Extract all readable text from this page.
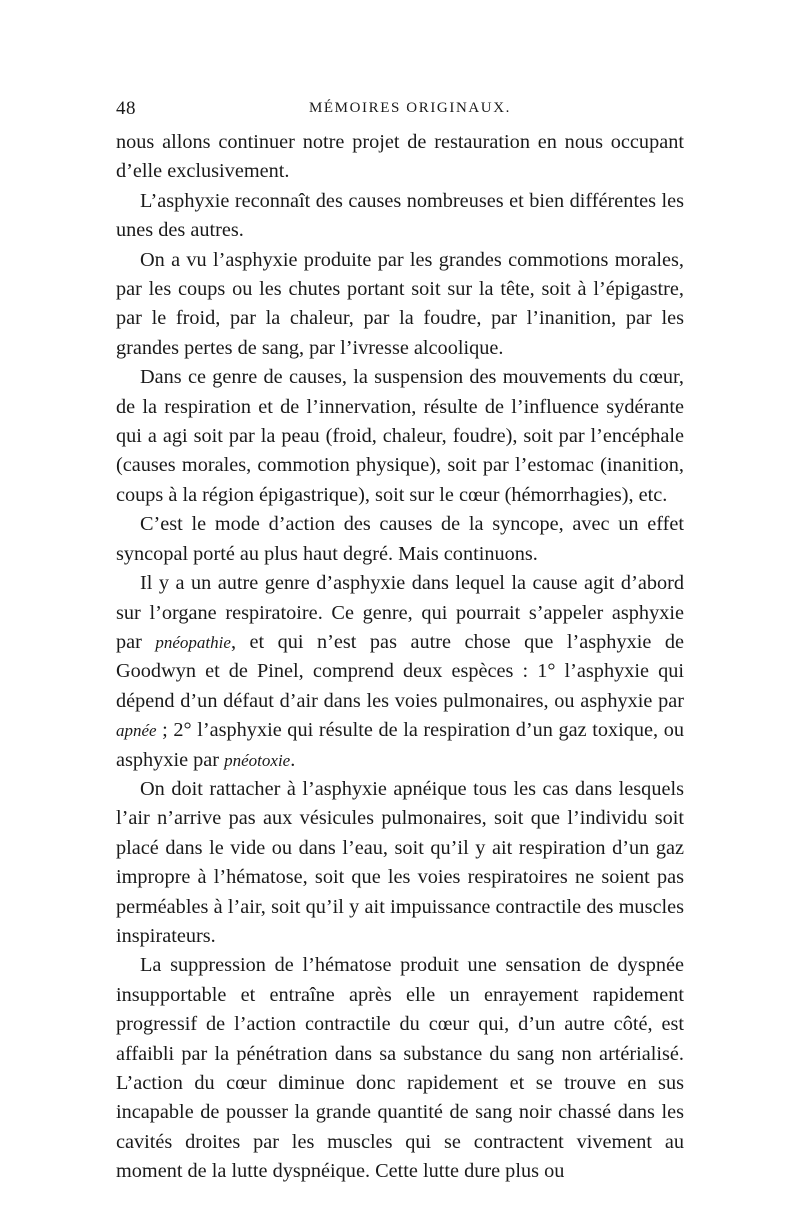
48	MÉMOIRES ORIGINAUX.

nous allons continuer notre projet de restauration en nous occupant d’elle exclusivement.

L’asphyxie reconnaît des causes nombreuses et bien différentes les unes des autres.

On a vu l’asphyxie produite par les grandes commotions morales, par les coups ou les chutes portant soit sur la tête, soit à l’épigastre, par le froid, par la chaleur, par la foudre, par l’inanition, par les grandes pertes de sang, par l’ivresse alcoolique.

Dans ce genre de causes, la suspension des mouvements du cœur, de la respiration et de l’innervation, résulte de l’influence sydérante qui a agi soit par la peau (froid, chaleur, foudre), soit par l’encéphale (causes morales, commotion physique), soit par l’estomac (inanition, coups à la région épigastrique), soit sur le cœur (hémorrhagies), etc.

C’est le mode d’action des causes de la syncope, avec un effet syncopal porté au plus haut degré. Mais continuons.

Il y a un autre genre d’asphyxie dans lequel la cause agit d’abord sur l’organe respiratoire. Ce genre, qui pourrait s’appeler asphyxie par pnéopathie, et qui n’est pas autre chose que l’asphyxie de Goodwyn et de Pinel, comprend deux espèces : 1° l’asphyxie qui dépend d’un défaut d’air dans les voies pulmonaires, ou asphyxie par apnée ; 2° l’asphyxie qui résulte de la respiration d’un gaz toxique, ou asphyxie par pnéotoxie.

On doit rattacher à l’asphyxie apnéique tous les cas dans lesquels l’air n’arrive pas aux vésicules pulmonaires, soit que l’individu soit placé dans le vide ou dans l’eau, soit qu’il y ait respiration d’un gaz impropre à l’hématose, soit que les voies respiratoires ne soient pas perméables à l’air, soit qu’il y ait impuissance contractile des muscles inspirateurs.

La suppression de l’hématose produit une sensation de dyspnée insupportable et entraîne après elle un enrayement rapidement progressif de l’action contractile du cœur qui, d’un autre côté, est affaibli par la pénétration dans sa substance du sang non artérialisé. L’action du cœur diminue donc rapidement et se trouve en sus incapable de pousser la grande quantité de sang noir chassé dans les cavités droites par les muscles qui se contractent vivement au moment de la lutte dyspnéique. Cette lutte dure plus ou
